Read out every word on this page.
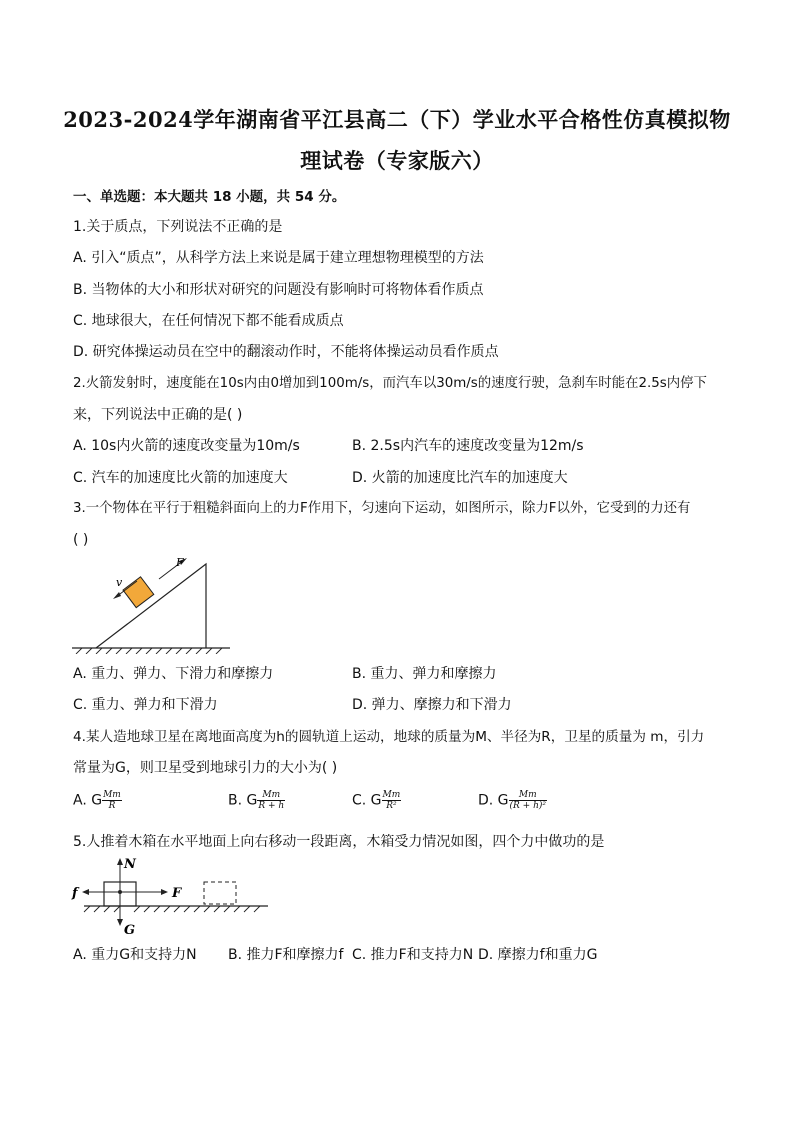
2023-2024学年湖南省平江县高二（下）学业水平合格性仿真模拟物
理试卷（专家版六）
一、单选题：本大题共 18 小题，共 54 分。
1.关于质点，下列说法不正确的是
A. 引入“质点”，从科学方法上来说是属于建立理想物理模型的方法
B. 当物体的大小和形状对研究的问题没有影响时可将物体看作质点
C. 地球很大，在任何情况下都不能看成质点
D. 研究体操运动员在空中的翻滚动作时，不能将体操运动员看作质点
2.火箭发射时，速度能在10s内由0增加到100m/s，而汽车以30m/s的速度行驶，急刹车时能在2.5s内停下
来，下列说法中正确的是( )
A. 10s内火箭的速度改变量为10m/s	B. 2.5s内汽车的速度改变量为12m/s
C. 汽车的加速度比火箭的加速度大	D. 火箭的加速度比汽车的加速度大
3.一个物体在平行于粗糙斜面向上的力F作用下，匀速向下运动，如图所示，除力F以外，它受到的力还有
( )
v
F
A. 重力、弹力、下滑力和摩擦力	B. 重力、弹力和摩擦力
C. 重力、弹力和下滑力	D. 弹力、摩擦力和下滑力
4.某人造地球卫星在离地面高度为h的圆轨道上运动，地球的质量为M、半径为R，卫星的质量为 m，引力
常量为G，则卫星受到地球引力的大小为( )
A. G $\frac{Mm}{R}$	B. G $\frac{Mm}{R + h}$	C. G $\frac{Mm}{\text{R²}}$	D. G $\frac{Mm}{\text{(R + h)²}}$
5.人推着木箱在水平地面上向右移动一段距离，木箱受力情况如图，四个力中做功的是
N
G
f	F
A. 重力G和支持力N B. 推力F和摩擦力f C. 推力F和支持力N D. 摩擦力f和重力G
